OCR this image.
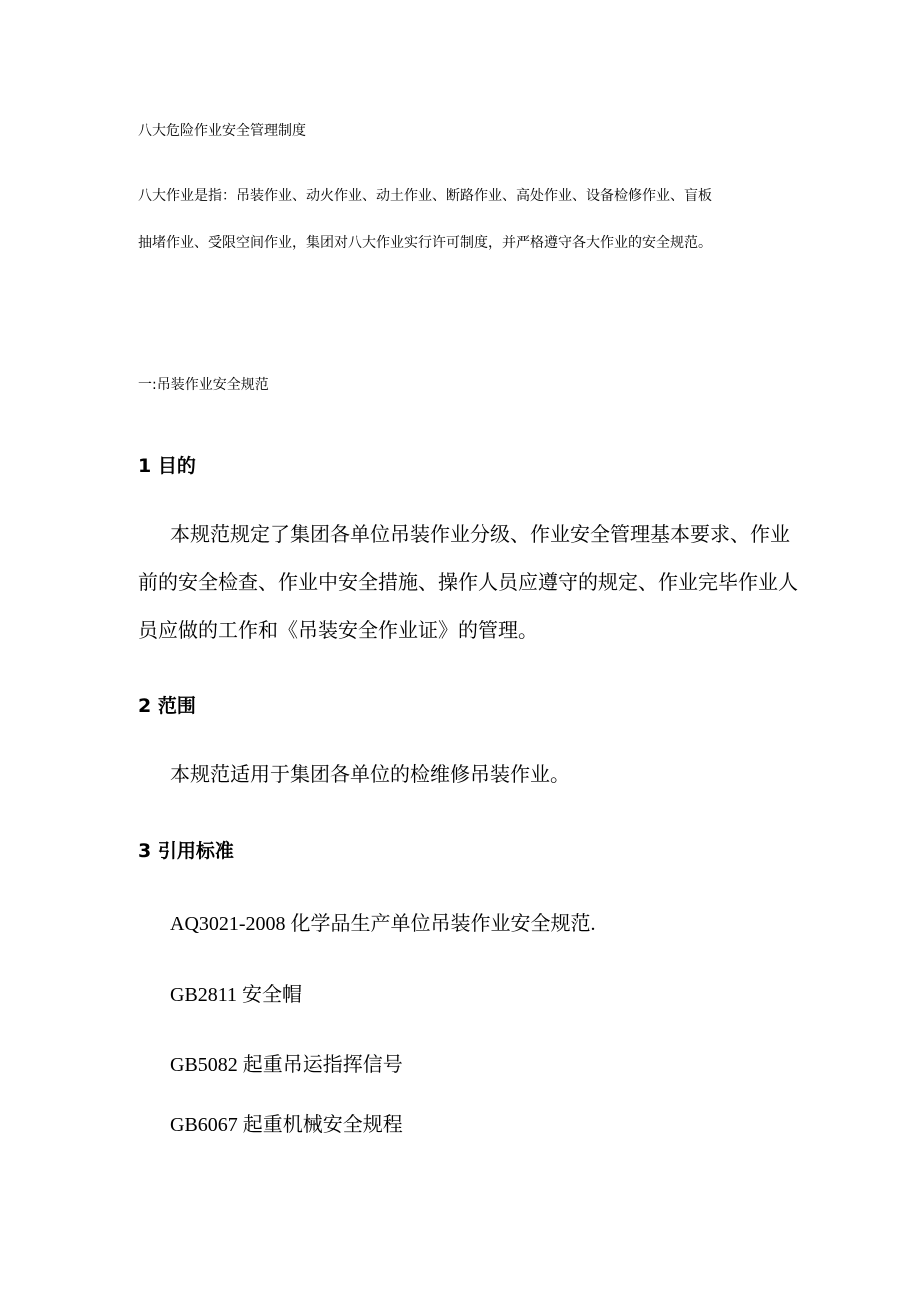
八大危险作业安全管理制度
八大作业是指：吊装作业、动火作业、动土作业、断路作业、高处作业、设备检修作业、盲板
抽堵作业、受限空间作业，集团对八大作业实行许可制度，并严格遵守各大作业的安全规范。
一:吊装作业安全规范
1 目的
本规范规定了集团各单位吊装作业分级、作业安全管理基本要求、作业前的安全检查、作业中安全措施、操作人员应遵守的规定、作业完毕作业人员应做的工作和《吊装安全作业证》的管理。
2 范围
本规范适用于集团各单位的检维修吊装作业。
3 引用标准
AQ3021-2008 化学品生产单位吊装作业安全规范.
GB2811 安全帽
GB5082 起重吊运指挥信号
GB6067 起重机械安全规程
